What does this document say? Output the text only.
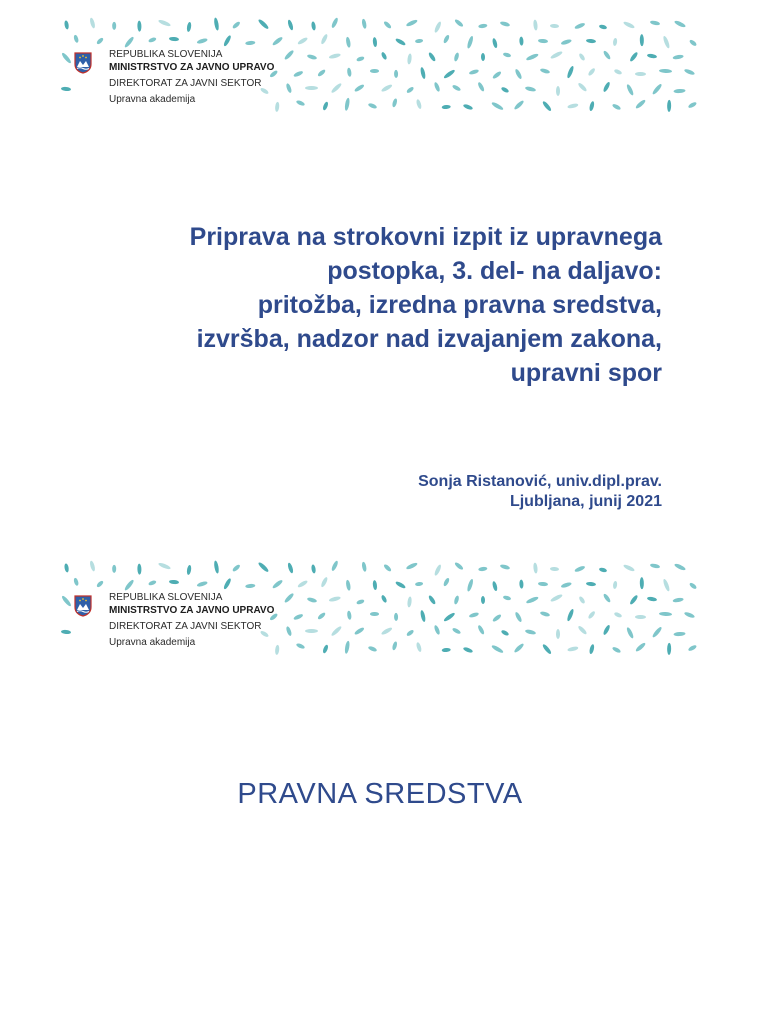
REPUBLIKA SLOVENIJA
MINISTRSTVO ZA JAVNO UPRAVO
DIREKTORAT ZA JAVNI SEKTOR
Upravna akademija
Priprava na strokovni izpit iz upravnega
postopka, 3. del- na daljavo:
pritožba, izredna pravna sredstva,
izvršba, nadzor nad izvajanjem zakona,
upravni spor
Sonja Ristanović, univ.dipl.prav.
Ljubljana, junij 2021
REPUBLIKA SLOVENIJA
MINISTRSTVO ZA JAVNO UPRAVO
DIREKTORAT ZA JAVNI SEKTOR
Upravna akademija
PRAVNA SREDSTVA
